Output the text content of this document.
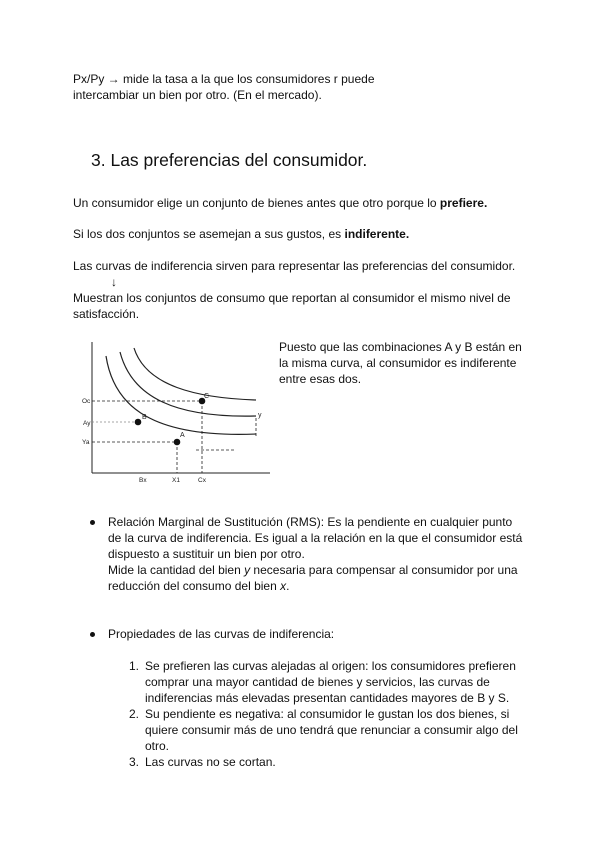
Px/Py → mide la tasa a la que los consumidores r puede
intercambiar un bien por otro. (En el mercado).
3. Las preferencias del consumidor.
Un consumidor elige un conjunto de bienes antes que otro porque lo prefiere.
Si los dos conjuntos se asemejan a sus gustos, es indiferente.
Las curvas de indiferencia sirven para representar las preferencias del consumidor.
↓
Muestran los conjuntos de consumo que reportan al consumidor el mismo nivel de
satisfacción.
B
A
C
y
Oc
Ay
Ya
Bx	X1	Cx
Puesto que las combinaciones A y B están en
la misma curva, al consumidor es indiferente
entre esas dos.
Relación Marginal de Sustitución (RMS): Es la pendiente en cualquier punto
de la curva de indiferencia. Es igual a la relación en la que el consumidor está
dispuesto a sustituir un bien por otro.
Mide la cantidad del bien y necesaria para compensar al consumidor por una
reducción del consumo del bien x.
Propiedades de las curvas de indiferencia:
1. Se prefieren las curvas alejadas al origen: los consumidores prefieren
comprar una mayor cantidad de bienes y servicios, las curvas de
indiferencias más elevadas presentan cantidades mayores de B y S.
2. Su pendiente es negativa: al consumidor le gustan los dos bienes, si
quiere consumir más de uno tendrá que renunciar a consumir algo del
otro.
3. Las curvas no se cortan.
